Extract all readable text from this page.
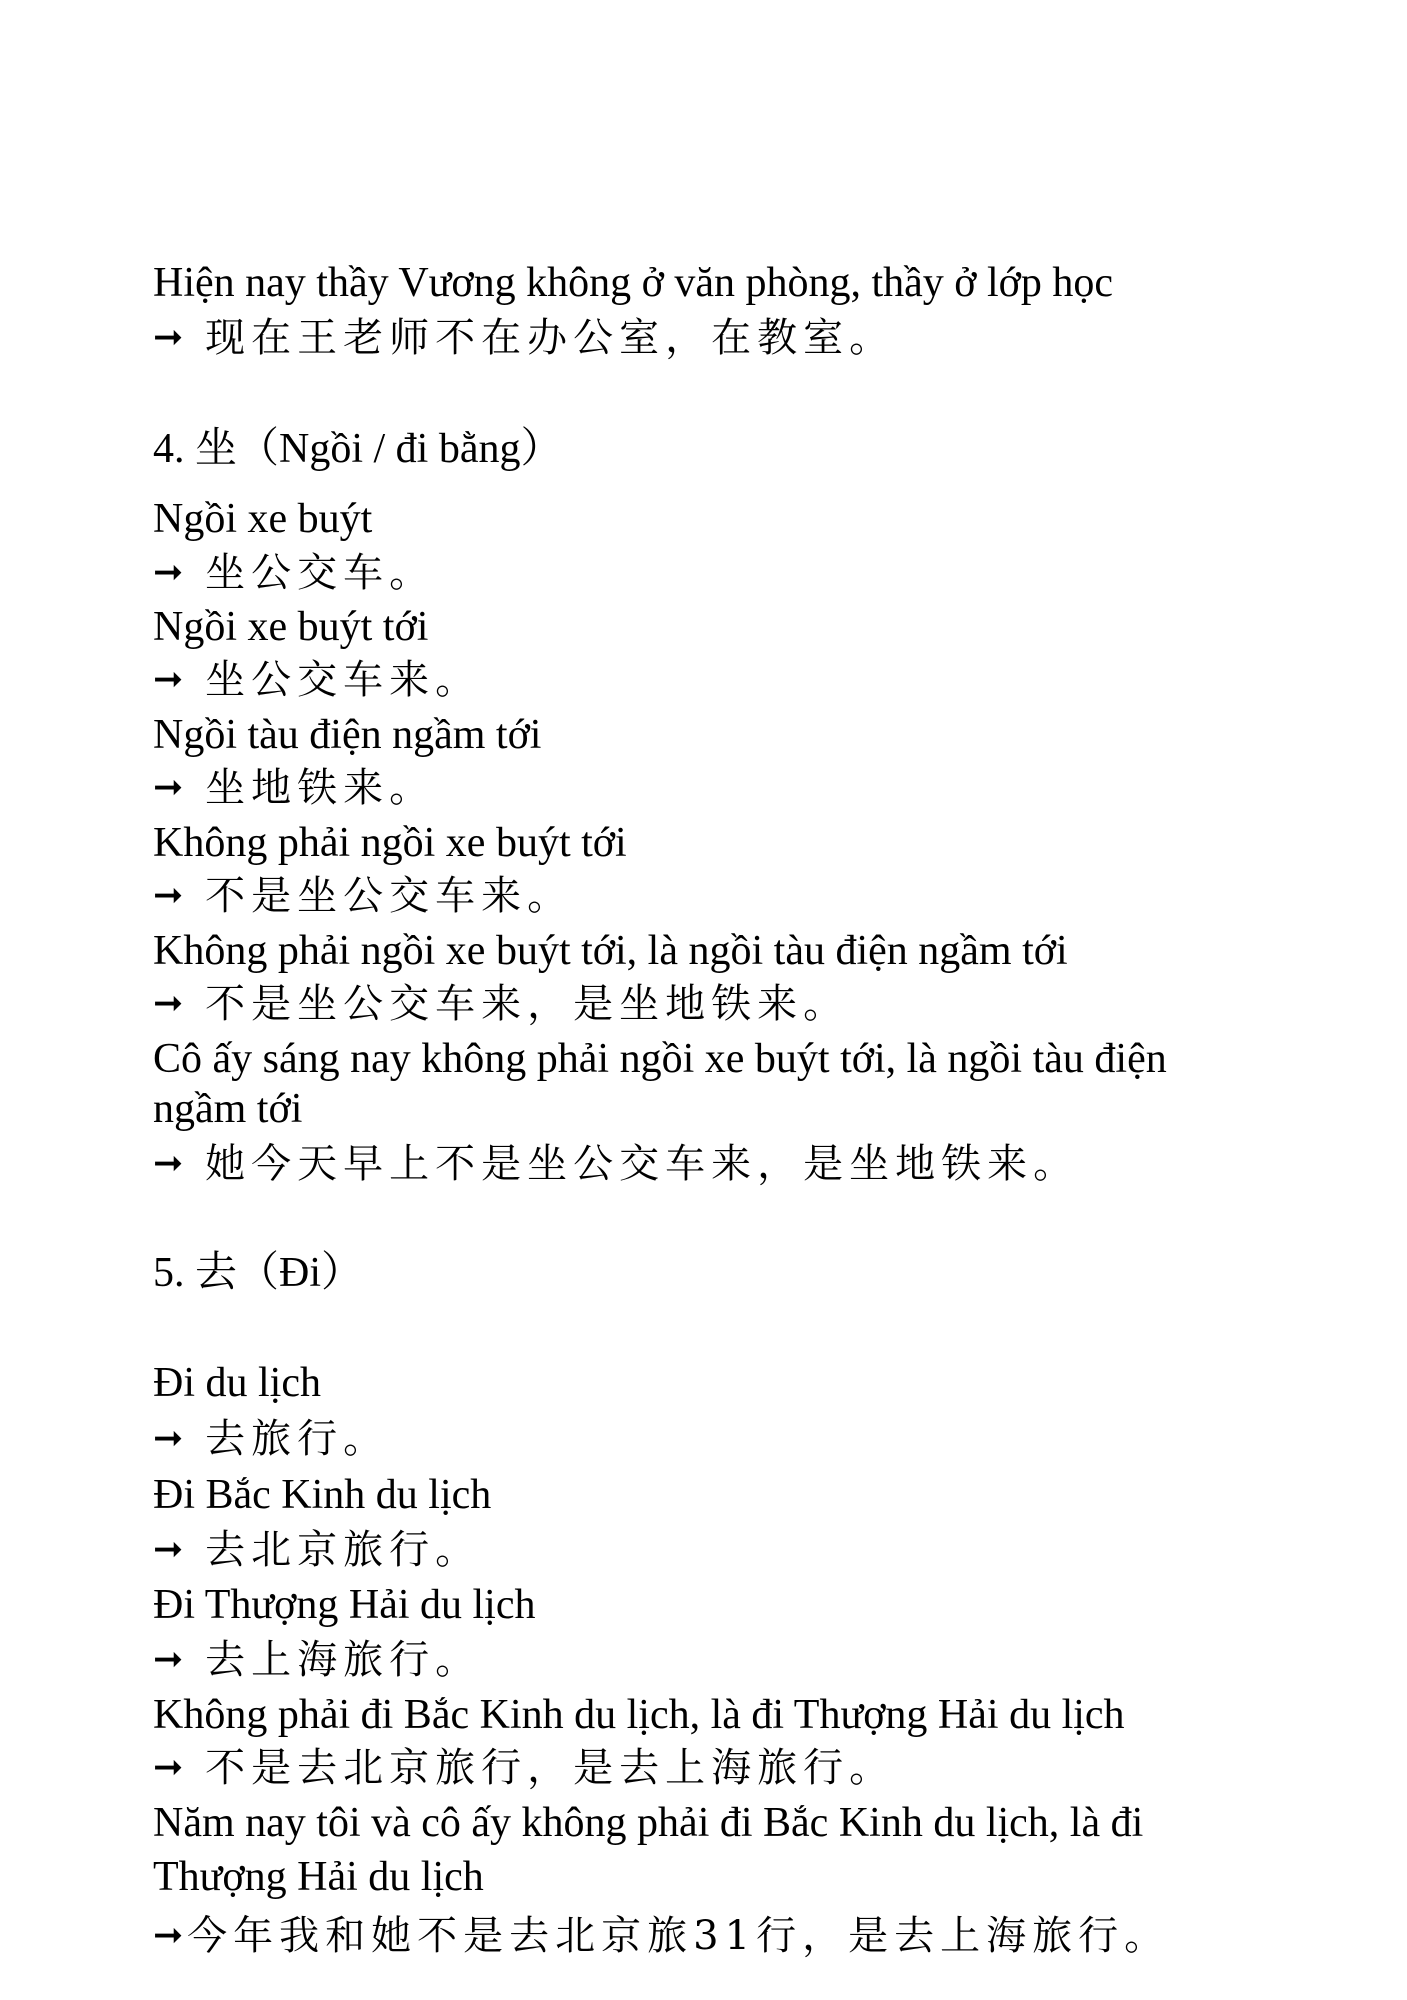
Hiện nay thầy Vương không ở văn phòng, thầy ở lớp học
➞ 现在王老师不在办公室，在教室。
4. 坐（Ngồi / đi bằng）
Ngồi xe buýt
➞ 坐公交车。
Ngồi xe buýt tới
➞ 坐公交车来。
Ngồi tàu điện ngầm tới
➞ 坐地铁来。
Không phải ngồi xe buýt tới
➞ 不是坐公交车来。
Không phải ngồi xe buýt tới, là ngồi tàu điện ngầm tới
➞ 不是坐公交车来，是坐地铁来。
Cô ấy sáng nay không phải ngồi xe buýt tới, là ngồi tàu điện
ngầm tới
➞ 她今天早上不是坐公交车来，是坐地铁来。
5. 去（Đi）
Đi du lịch
➞ 去旅行。
Đi Bắc Kinh du lịch
➞ 去北京旅行。
Đi Thượng Hải du lịch
➞ 去上海旅行。
Không phải đi Bắc Kinh du lịch, là đi Thượng Hải du lịch
➞ 不是去北京旅行，是去上海旅行。
Năm nay tôi và cô ấy không phải đi Bắc Kinh du lịch, là đi
Thượng Hải du lịch
➞ 今年我和她不是去北京旅31行，是去上海旅行。
